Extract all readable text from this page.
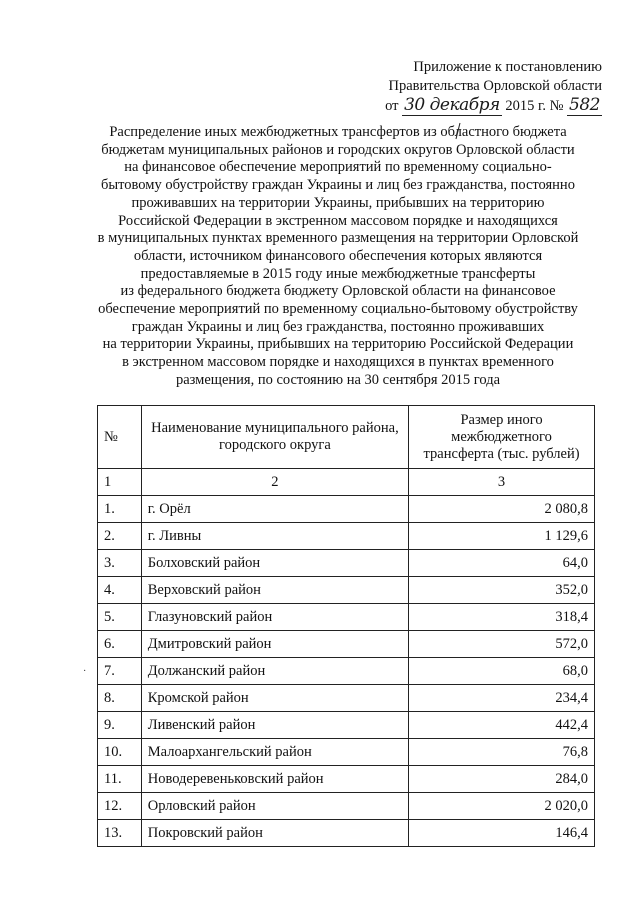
Приложение к постановлению
Правительства Орловской области
от 30 декабря 2015 г. № 582
Распределение иных межбюджетных трансфертов из областного бюджета
бюджетам муниципальных районов и городских округов Орловской области
на финансовое обеспечение мероприятий по временному социально-
бытовому обустройству граждан Украины и лиц без гражданства, постоянно
проживавших на территории Украины, прибывших на территорию
Российской Федерации в экстренном массовом порядке и находящихся
в муниципальных пунктах временного размещения на территории Орловской
области, источником финансового обеспечения которых являются
предоставляемые в 2015 году иные межбюджетные трансферты
из федерального бюджета бюджету Орловской области на финансовое
обеспечение мероприятий по временному социально-бытовому обустройству
граждан Украины и лиц без гражданства, постоянно проживавших
на территории Украины, прибывших на территорию Российской Федерации
в экстренном массовом порядке и находящихся в пунктах временного
размещения, по состоянию на 30 сентября 2015 года
№	Наименование муниципального района, городского округа	Размер иного межбюджетного трансферта (тыс. рублей)
1	2	3
1.	г. Орёл	2 080,8
2.	г. Ливны	1 129,6
3.	Болховский район	64,0
4.	Верховский район	352,0
5.	Глазуновский район	318,4
6.	Дмитровский район	572,0
7.	Должанский район	68,0
8.	Кромской район	234,4
9.	Ливенский район	442,4
10.	Малоархангельский район	76,8
11.	Новодеревеньковский район	284,0
12.	Орловский район	2 020,0
13.	Покровский район	146,4
·
